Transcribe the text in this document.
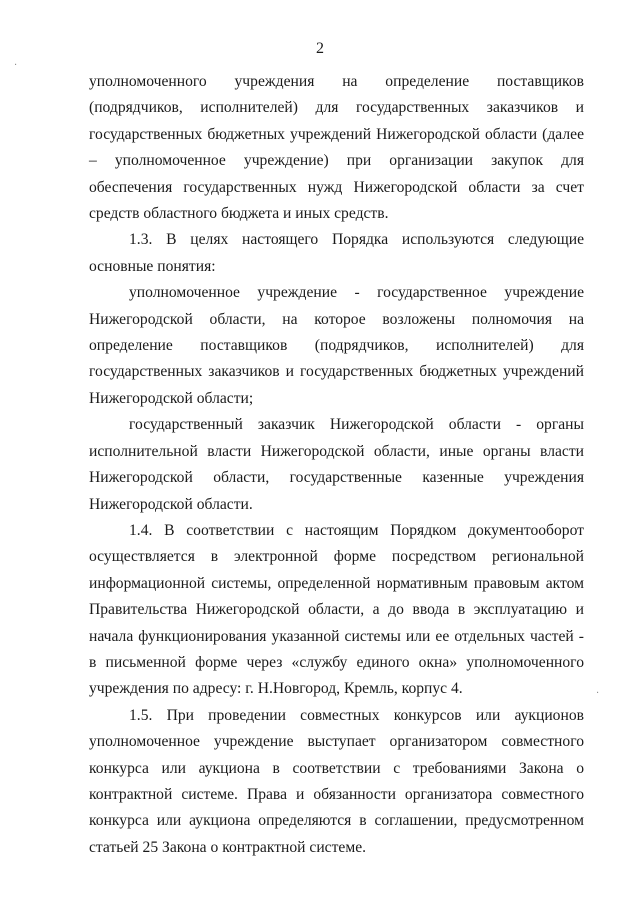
2
·
·

уполномоченного учреждения на определение поставщиков (подрядчиков, исполнителей) для государственных заказчиков и государственных бюджетных учреждений Нижегородской области (далее – уполномоченное учреждение) при организации закупок для обеспечения государственных нужд Нижегородской области за счет средств областного бюджета и иных средств.

1.3. В целях настоящего Порядка используются следующие основные понятия:

уполномоченное учреждение - государственное учреждение Нижегородской области, на которое возложены полномочия на определение поставщиков (подрядчиков, исполнителей) для государственных заказчиков и государственных бюджетных учреждений Нижегородской области;

государственный заказчик Нижегородской области - органы исполнительной власти Нижегородской области, иные органы власти Нижегородской области, государственные казенные учреждения Нижегородской области.

1.4. В соответствии с настоящим Порядком документооборот осуществляется в электронной форме посредством региональной информационной системы, определенной нормативным правовым актом Правительства Нижегородской области, а до ввода в эксплуатацию и начала функционирования указанной системы или ее отдельных частей - в письменной форме через «службу единого окна» уполномоченного учреждения по адресу: г. Н.Новгород, Кремль, корпус 4.

1.5. При проведении совместных конкурсов или аукционов уполномоченное учреждение выступает организатором совместного конкурса или аукциона в соответствии с требованиями Закона о контрактной системе. Права и обязанности организатора совместного конкурса или аукциона определяются в соглашении, предусмотренном статьей 25 Закона о контрактной системе.
